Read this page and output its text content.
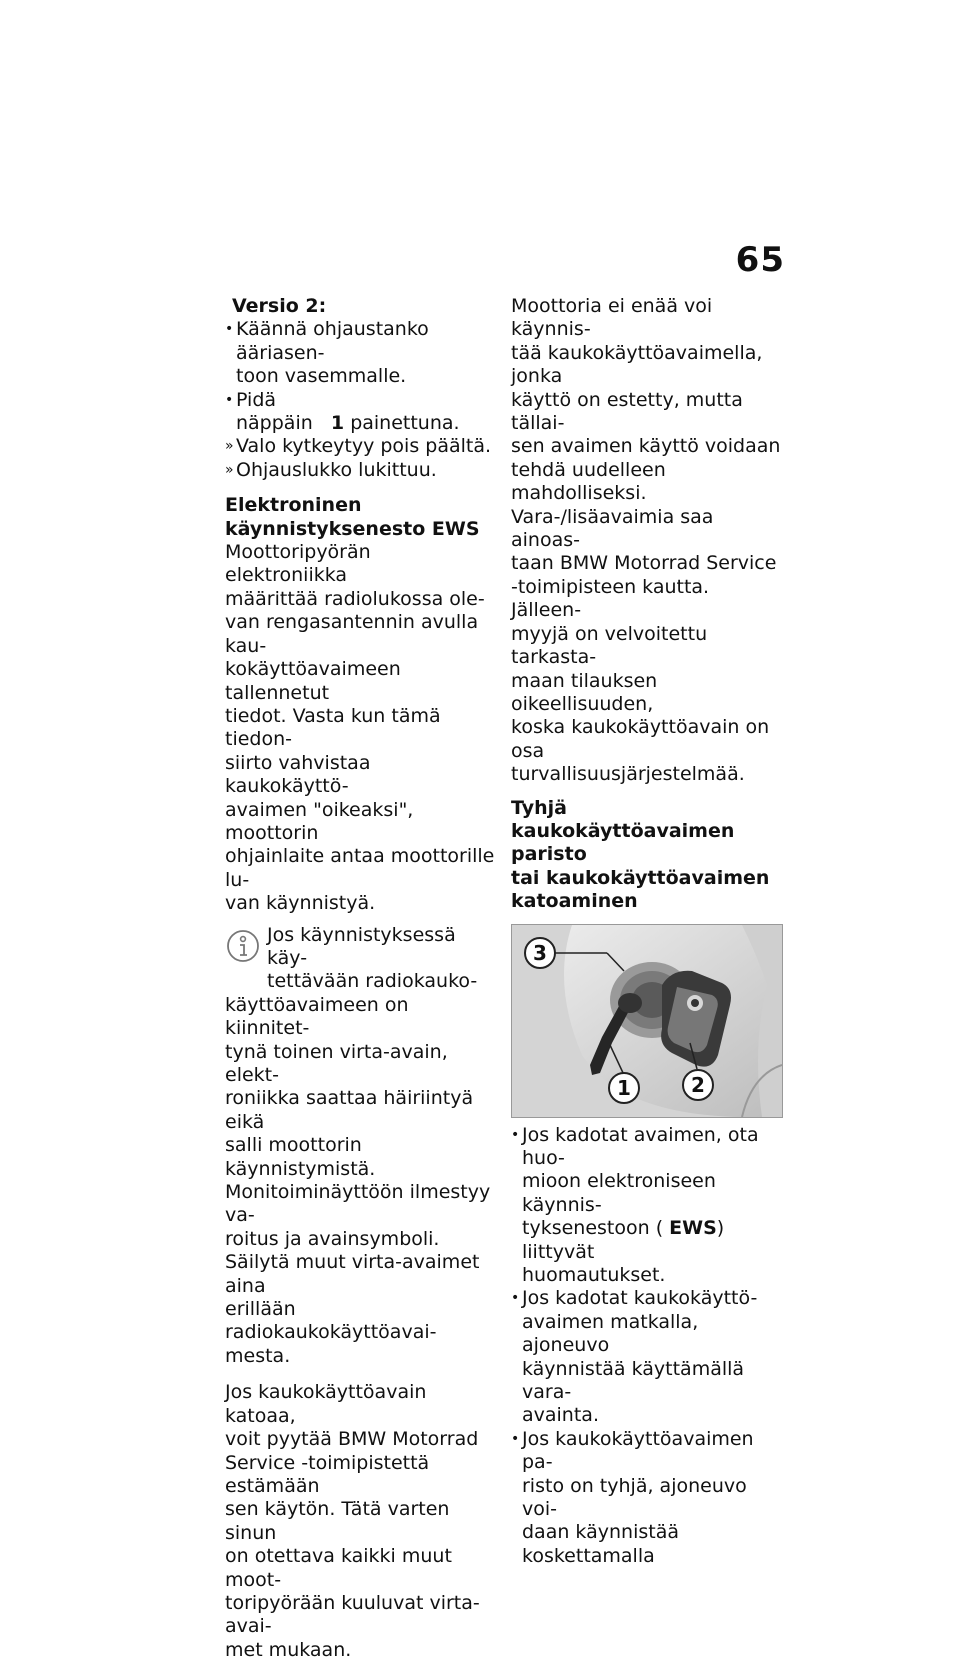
65

Versio 2:

• Käännä ohjaustanko ääriasen-
toon vasemmalle.
• Pidä näppäin 1 painettuna.
» Valo kytkeytyy pois päältä.
» Ohjauslukko lukittuu.
Elektroninen
käynnistyksenesto EWS
Moottoripyörän elektroniikka
määrittää radiolukossa ole-
van rengasantennin avulla kau-
kokäyttöavaimeen tallennetut
tiedot. Vasta kun tämä tiedon-
siirto vahvistaa kaukokäyttö-
avaimen "oikeaksi", moottorin
ohjainlaite antaa moottorille lu-
van käynnistyä.
Jos käynnistyksessä käy-
tettävään radiokauko-
käyttöavaimeen on kiinnitet-
tynä toinen virta-avain, elekt-
roniikka saattaa häiriintyä eikä
salli moottorin käynnistymistä.
Monitoiminäyttöön ilmestyy va-
roitus ja avainsymboli.
Säilytä muut virta-avaimet aina
erillään radiokaukokäyttöavai-
mesta.
Jos kaukokäyttöavain katoaa,
voit pyytää BMW Motorrad
Service -toimipistettä estämään
sen käytön. Tätä varten sinun
on otettava kaikki muut moot-
toripyörään kuuluvat virta-avai-
met mukaan.
Moottoria ei enää voi käynnis-
tää kaukokäyttöavaimella, jonka
käyttö on estetty, mutta tällai-
sen avaimen käyttö voidaan
tehdä uudelleen mahdolliseksi.
Vara-/lisäavaimia saa ainoas-
taan BMW Motorrad Service
-toimipisteen kautta. Jälleen-
myyjä on velvoitettu tarkasta-
maan tilauksen oikeellisuuden,
koska kaukokäyttöavain on osa
turvallisuusjärjestelmää.
Tyhjä kaukokäyttöavaimen
paristo
tai kaukokäyttöavaimen
katoaminen
3
1	2
• Jos kadotat avaimen, ota huo-
mioon elektroniseen käynnis-
tyksenestoon ( EWS) liittyvät
huomautukset.
• Jos kadotat kaukokäyttö-
avaimen matkalla, ajoneuvo
käynnistää käyttämällä vara-
avainta.
• Jos kaukokäyttöavaimen pa-
risto on tyhjä, ajoneuvo voi-
daan käynnistää koskettamalla
